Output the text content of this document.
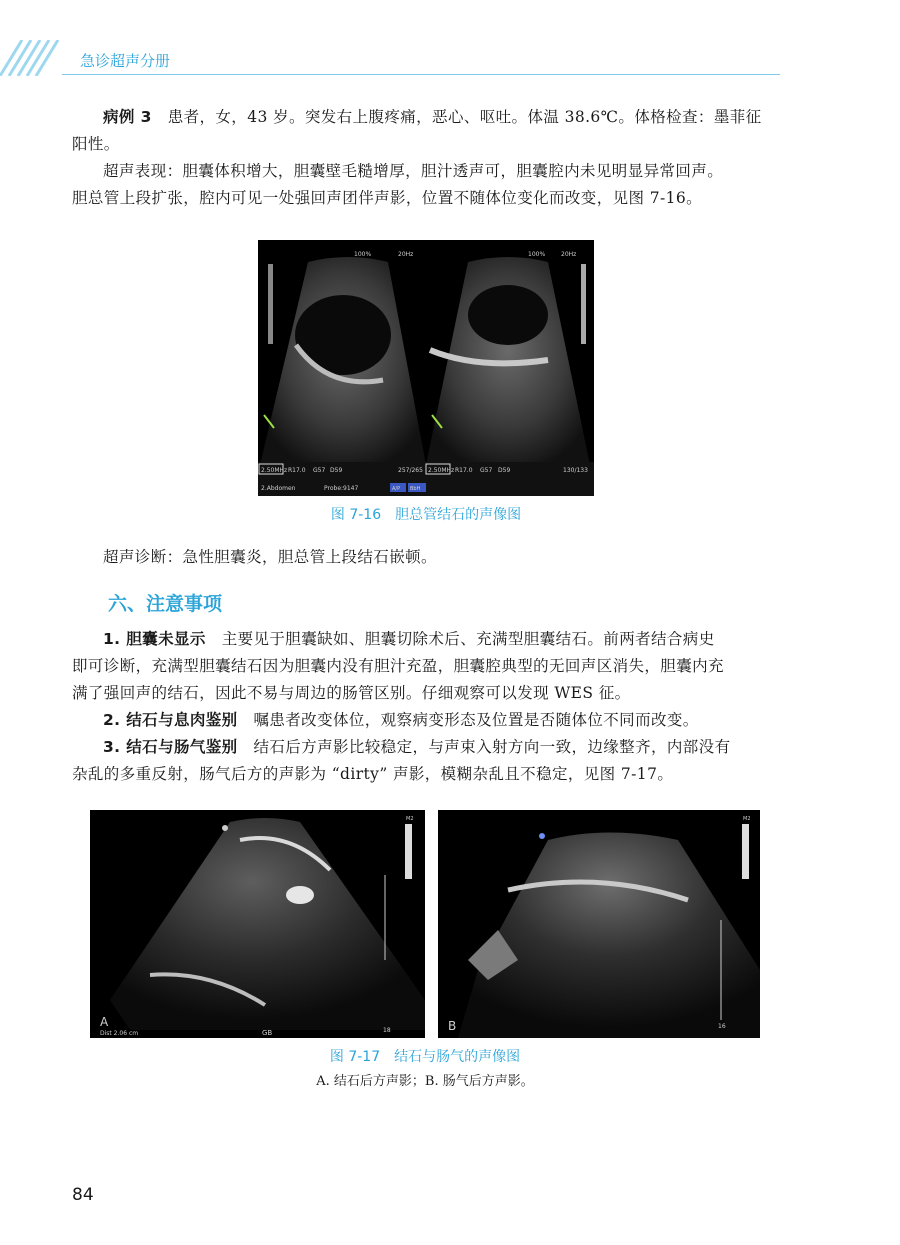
急诊超声分册
病例 3　 患者，女，43 岁。突发右上腹疼痛，恶心、呕吐。体温 38.6℃。体格检查：墨菲征
阳性。
超声表现：胆囊体积增大，胆囊壁毛糙增厚，胆汁透声可，胆囊腔内未见明显异常回声。
胆总管上段扩张，腔内可见一处强回声团伴声影，位置不随体位变化而改变，见图 7-16。
100%	20Hz	100%	20Hz
2.50MHz R17.0 G57 D59	257/265 2.50MHz R17.0 G57 D59	130/133
2.Abdomen	Probe:9147	A/P BbH
图 7-16　胆总管结石的声像图
超声诊断：急性胆囊炎，胆总管上段结石嵌顿。
六、注意事项
1. 胆囊未显示　 主要见于胆囊缺如、胆囊切除术后、充满型胆囊结石。前两者结合病史
即可诊断，充满型胆囊结石因为胆囊内没有胆汁充盈，胆囊腔典型的无回声区消失，胆囊内充
满了强回声的结石，因此不易与周边的肠管区别。仔细观察可以发现 WES 征。
2. 结石与息肉鉴别　 嘱患者改变体位，观察病变形态及位置是否随体位不同而改变。
3. 结石与肠气鉴别　 结石后方声影比较稳定，与声束入射方向一致，边缘整齐，内部没有
杂乱的多重反射，肠气后方的声影为 “dirty” 声影，模糊杂乱且不稳定，见图 7-17。
A
Dist 2.06 cm	GB
M2
18	B
M2
16
图 7-17　结石与肠气的声像图
A. 结石后方声影；B. 肠气后方声影。
84
